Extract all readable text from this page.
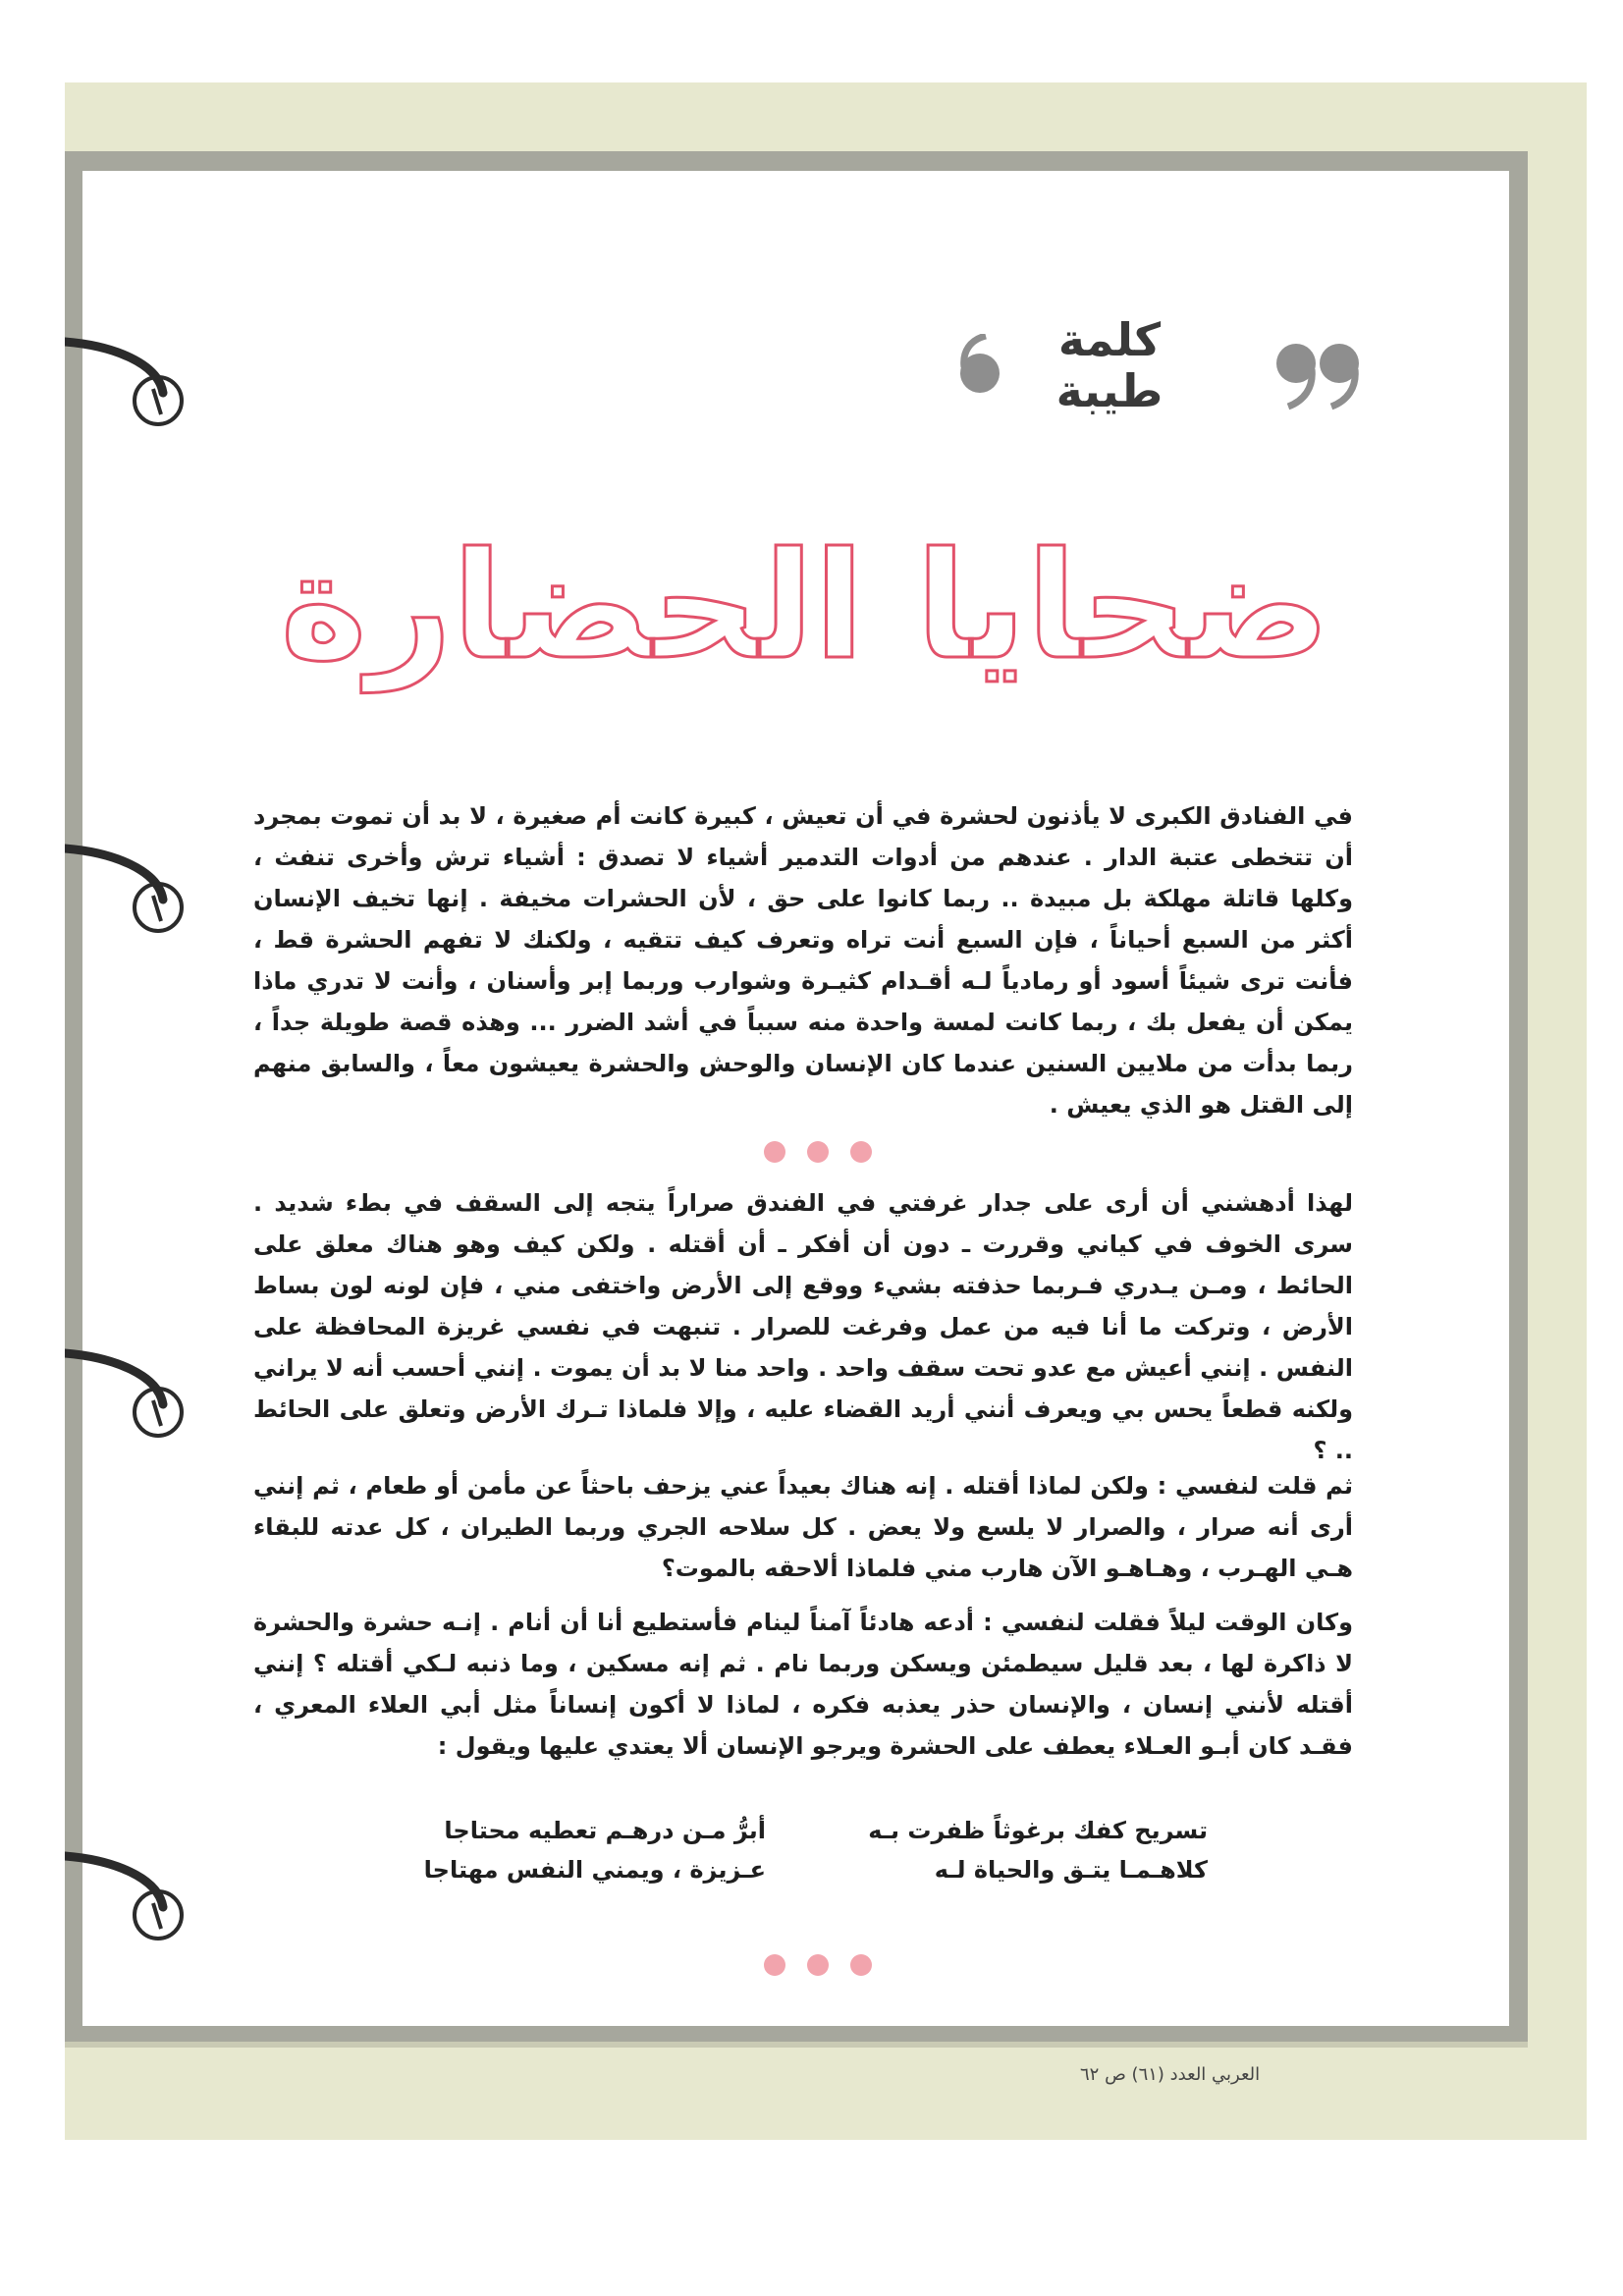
كلمة
طيبة
ضحايا الحضارة
في الفنادق الكبرى لا يأذنون لحشرة في أن تعيش ، كبيرة كانت أم صغيرة ، لا بد أن تموت بمجرد أن تتخطى عتبة الدار . عندهم من أدوات التدمير أشياء لا تصدق : أشياء ترش وأخرى تنفث ، وكلها قاتلة مهلكة بل مبيدة .. ربما كانوا على حق ، لأن الحشرات مخيفة . إنها تخيف الإنسان أكثر من السبع أحياناً ، فإن السبع أنت تراه وتعرف كيف تتقيه ، ولكنك لا تفهم الحشرة قط ، فأنت ترى شيئاً أسود أو رمادياً لـه أقـدام كثيـرة وشوارب وربما إبر وأسنان ، وأنت لا تدري ماذا يمكن أن يفعل بك ، ربما كانت لمسة واحدة منه سبباً في أشد الضرر ... وهذه قصة طويلة جداً ، ربما بدأت من ملايين السنين عندما كان الإنسان والوحش والحشرة يعيشون معاً ، والسابق منهم إلى القتل هو الذي يعيش .
لهذا أدهشني أن أرى على جدار غرفتي في الفندق صراراً يتجه إلى السقف في بطء شديد . سرى الخوف في كياني وقررت ـ دون أن أفكر ـ أن أقتله . ولكن كيف وهو هناك معلق على الحائط ، ومـن يـدري فـربما حذفته بشيء ووقع إلى الأرض واختفى مني ، فإن لونه لون بساط الأرض ، وتركت ما أنا فيه من عمل وفرغت للصرار . تنبهت في نفسي غريزة المحافظة على النفس . إنني أعيش مع عدو تحت سقف واحد . واحد منا لا بد أن يموت . إنني أحسب أنه لا يراني ولكنه قطعاً يحس بي ويعرف أنني أريد القضاء عليه ، وإلا فلماذا تـرك الأرض وتعلق على الحائط .. ؟
ثم قلت لنفسي : ولكن لماذا أقتله . إنه هناك بعيداً عني يزحف باحثاً عن مأمن أو طعام ، ثم إنني أرى أنه صرار ، والصرار لا يلسع ولا يعض . كل سلاحه الجري وربما الطيران ، كل عدته للبقاء هـي الهـرب ، وهـاهـو الآن هارب مني فلماذا ألاحقه بالموت؟
وكان الوقت ليلاً فقلت لنفسي : أدعه هادئاً آمناً لينام فأستطيع أنا أن أنام . إنـه حشرة والحشرة لا ذاكرة لها ، بعد قليل سيطمئن ويسكن وربما نام . ثم إنه مسكين ، وما ذنبه لـكي أقتله ؟ إنني أقتله لأنني إنسان ، والإنسان حذر يعذبه فكره ، لماذا لا أكون إنساناً مثل أبي العلاء المعري ، فقـد كان أبـو العـلاء يعطف على الحشرة ويرجو الإنسان ألا يعتدي عليها ويقول :
تسريح كفك برغوثاً ظفرت بـه
أبرُّ مـن درهـم تعطيه محتاجا
كلاهـمـا يتـق والحياة لـه
عـزيزة ، ويمني النفس مهتاجا
العربي العدد (٦١) ص ٦٢
